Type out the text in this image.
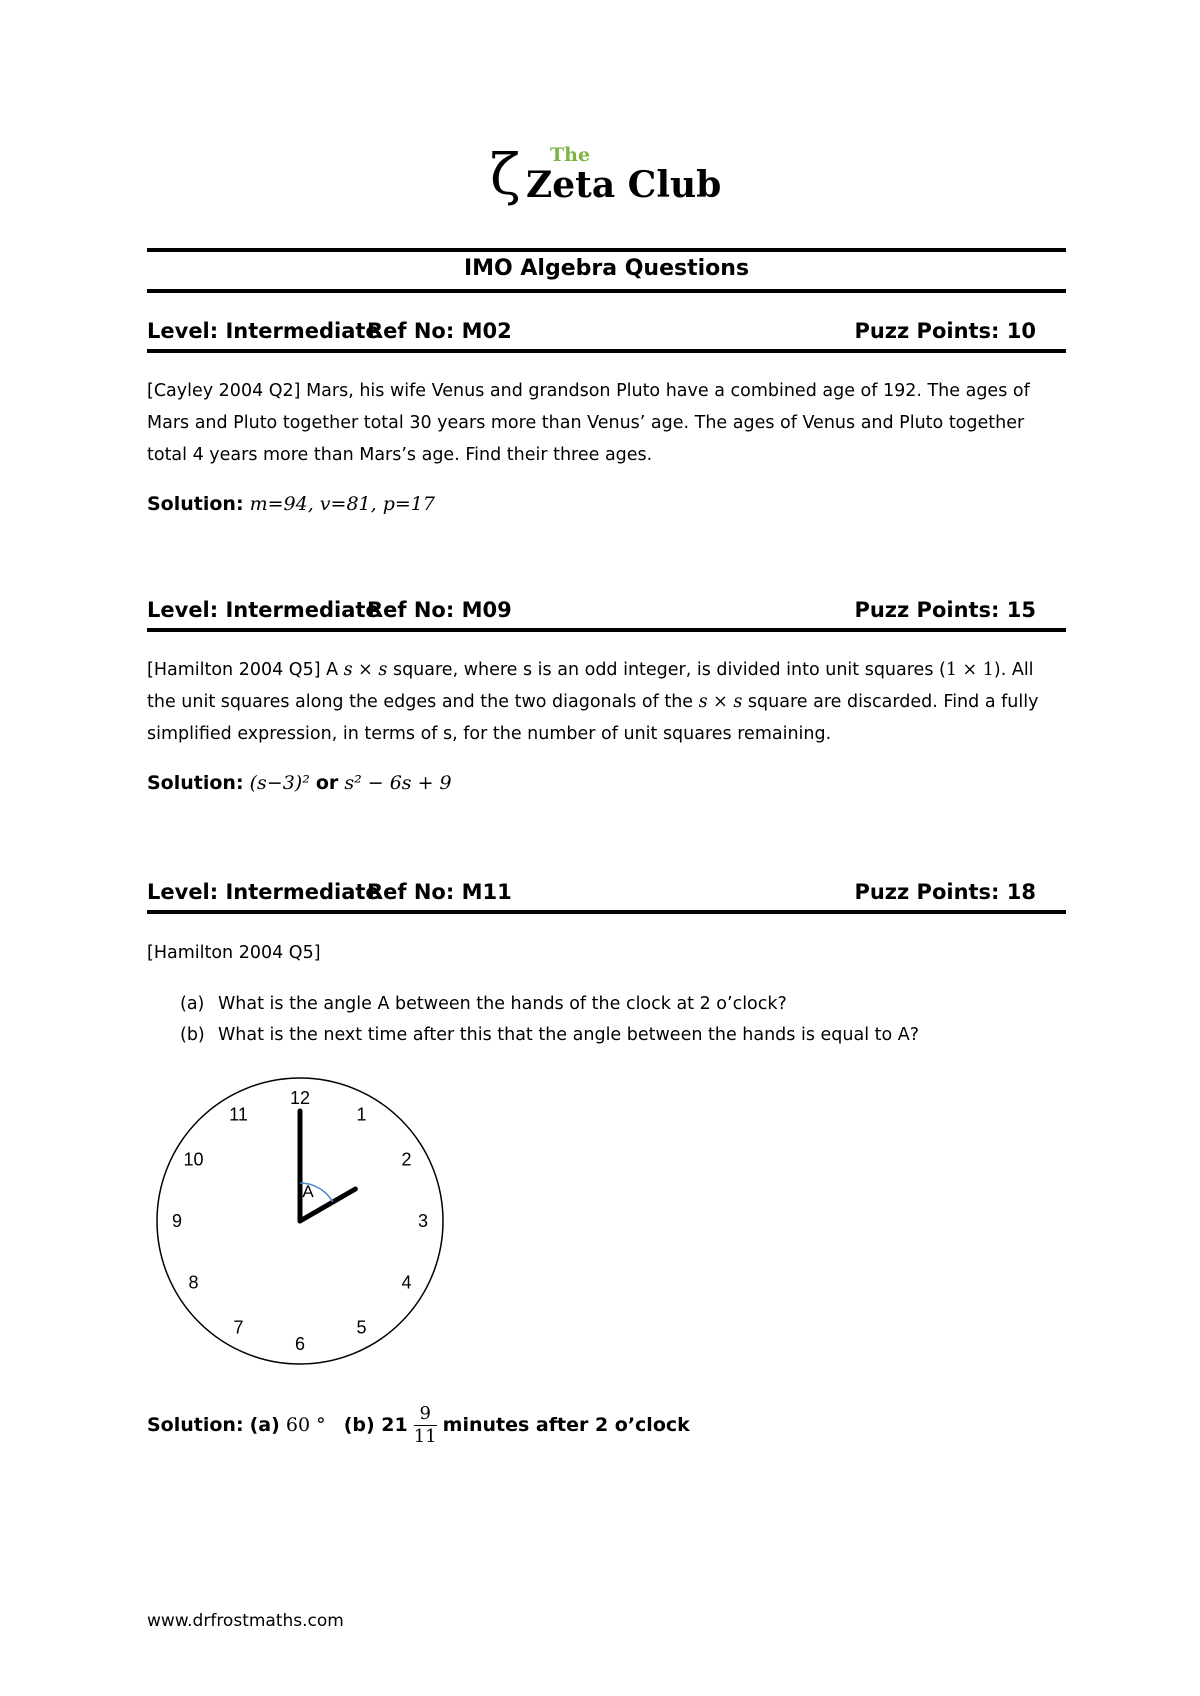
ζ The
Zeta Club
IMO Algebra Questions
Level: Intermediate
Ref No: M02	Puzz Points: 10
[Cayley 2004 Q2] Mars, his wife Venus and grandson Pluto have a combined age of 192. The ages of Mars and Pluto together total 30 years more than Venus’ age. The ages of Venus and Pluto together total 4 years more than Mars’s age. Find their three ages.
Solution: m=94, v=81, p=17
Level: Intermediate
Ref No: M09	Puzz Points: 15
[Hamilton 2004 Q5] A s × s square, where s is an odd integer, is divided into unit squares (1 × 1). All the unit squares along the edges and the two diagonals of the s × s square are discarded. Find a fully simplified expression, in terms of s, for the number of unit squares remaining.
Solution: (s−3)² or s² − 6s + 9
Level: Intermediate
Ref No: M11	Puzz Points: 18
[Hamilton 2004 Q5]
(a) What is the angle A between the hands of the clock at 2 o’clock?
(b) What is the next time after this that the angle between the hands is equal to A?
12
1
2
3
4
5
6
7
8
9
10
11
A
Solution: (a) 60 ° (b) $21 \frac{9}{11}$ minutes after 2 o’clock
www.drfrostmaths.com
